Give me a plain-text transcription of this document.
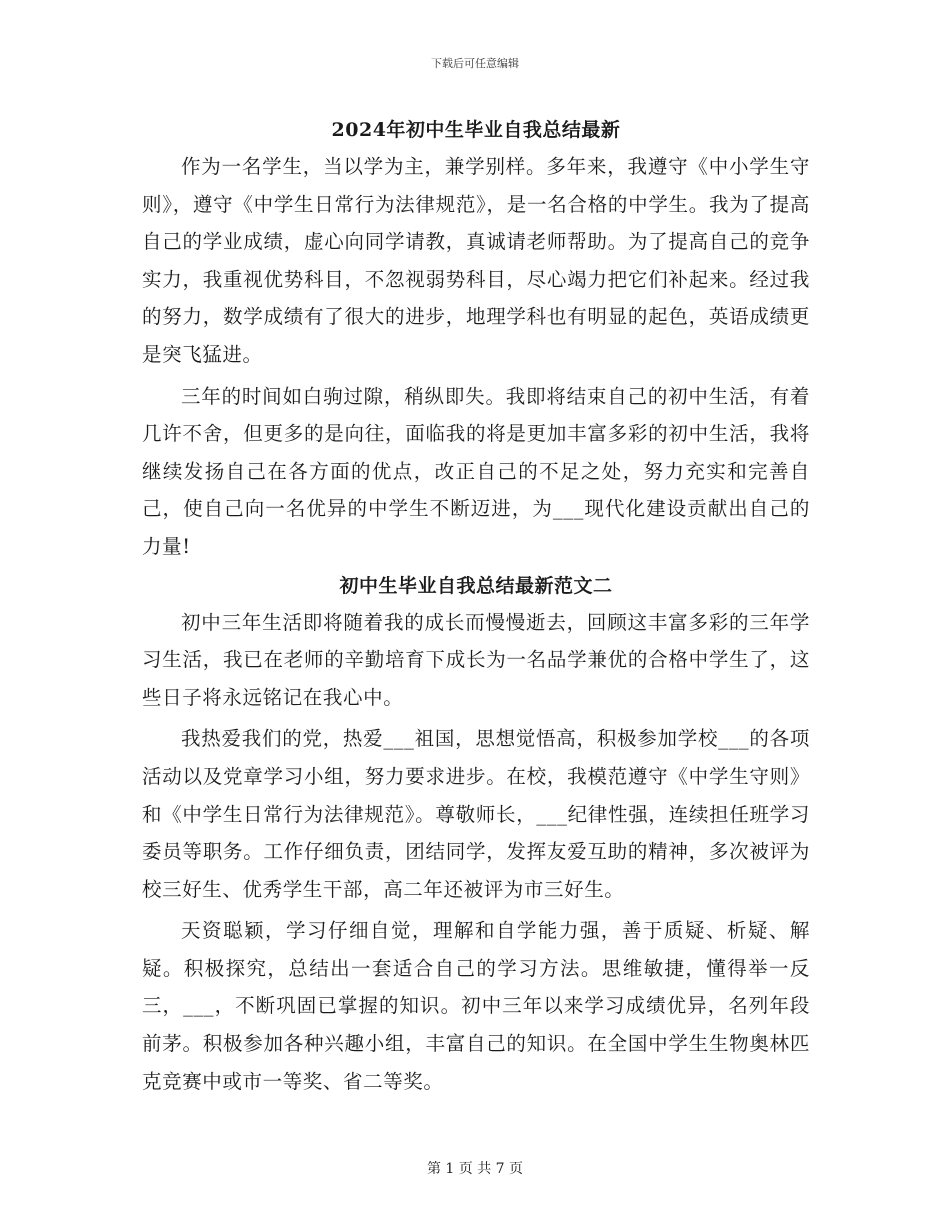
下载后可任意编辑
2024年初中生毕业自我总结最新

作为一名学生，当以学为主，兼学别样。多年来，我遵守《中小学生守则》，遵守《中学生日常行为法律规范》，是一名合格的中学生。我为了提高自己的学业成绩，虚心向同学请教，真诚请老师帮助。为了提高自己的竞争实力，我重视优势科目，不忽视弱势科目，尽心竭力把它们补起来。经过我的努力，数学成绩有了很大的进步，地理学科也有明显的起色，英语成绩更是突飞猛进。

三年的时间如白驹过隙，稍纵即失。我即将结束自己的初中生活，有着几许不舍，但更多的是向往，面临我的将是更加丰富多彩的初中生活，我将继续发扬自己在各方面的优点，改正自己的不足之处，努力充实和完善自己，使自己向一名优异的中学生不断迈进，为___现代化建设贡献出自己的力量!

初中生毕业自我总结最新范文二

初中三年生活即将随着我的成长而慢慢逝去，回顾这丰富多彩的三年学习生活，我已在老师的辛勤培育下成长为一名品学兼优的合格中学生了，这些日子将永远铭记在我心中。

我热爱我们的党，热爱___祖国，思想觉悟高，积极参加学校___的各项活动以及党章学习小组，努力要求进步。在校，我模范遵守《中学生守则》和《中学生日常行为法律规范》。尊敬师长，___纪律性强，连续担任班学习委员等职务。工作仔细负责，团结同学，发挥友爱互助的精神，多次被评为校三好生、优秀学生干部，高二年还被评为市三好生。

天资聪颖，学习仔细自觉，理解和自学能力强，善于质疑、析疑、解疑。积极探究，总结出一套适合自己的学习方法。思维敏捷，懂得举一反三，___，不断巩固已掌握的知识。初中三年以来学习成绩优异，名列年段前茅。积极参加各种兴趣小组，丰富自己的知识。在全国中学生生物奥林匹克竞赛中或市一等奖、省二等奖。

第 1 页 共 7 页
